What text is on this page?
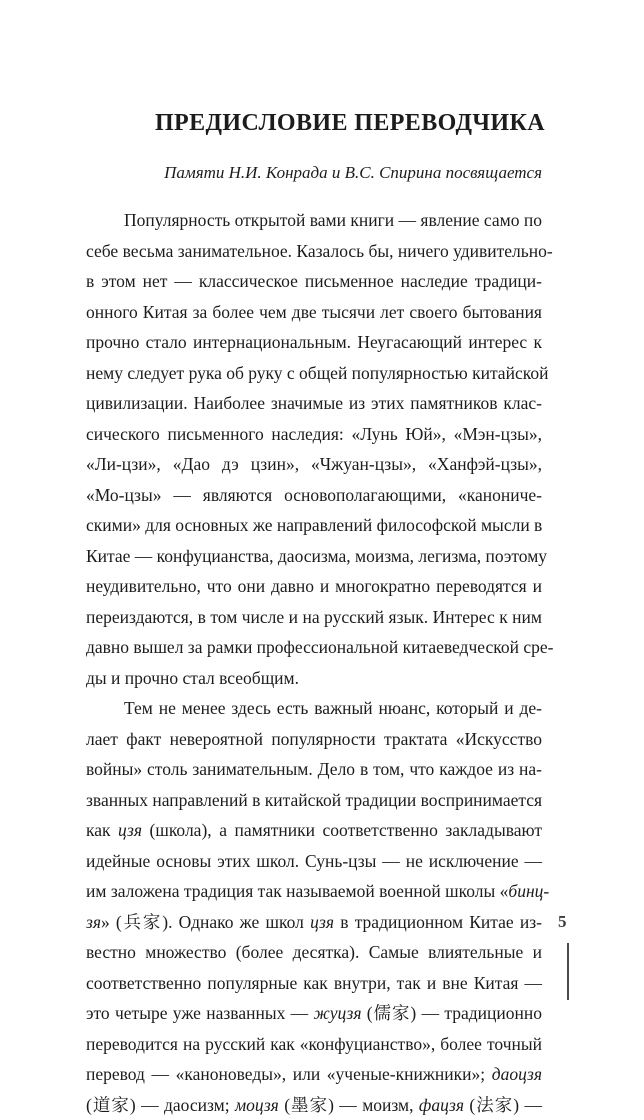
ПРЕДИСЛОВИЕ ПЕРЕВОДЧИКА

Памяти Н.И. Конрада и В.С. Спирина посвящается

Популярность открытой вами книги — явление само по
себе весьма занимательное. Казалось бы, ничего удивительно-
в этом нет — классическое письменное наследие традици-
онного Китая за более чем две тысячи лет своего бытования
прочно стало интернациональным. Неугасающий интерес к
нему следует рука об руку с общей популярностью китайской
цивилизации. Наиболее значимые из этих памятников клас-
сического письменного наследия: «Лунь Юй», «Мэн-цзы»,
«Ли-цзи», «Дао дэ цзин», «Чжуан-цзы», «Ханфэй-цзы»,
«Мо-цзы» — являются основополагающими, «канониче-
скими» для основных же направлений философской мысли в
Китае — конфуцианства, даосизма, моизма, легизма, поэтому
неудивительно, что они давно и многократно переводятся и
переиздаются, в том числе и на русский язык. Интерес к ним
давно вышел за рамки профессиональной китаеведческой сре-
ды и прочно стал всеобщим.
Тем не менее здесь есть важный нюанс, который и де-
лает факт невероятной популярности трактата «Искусство
войны» столь занимательным. Дело в том, что каждое из на-
званных направлений в китайской традиции воспринимается
как цзя (школа), а памятники соответственно закладывают
идейные основы этих школ. Сунь-цзы — не исключение —
им заложена традиция так называемой военной школы «бинц-
зя» (兵家). Однако же школ цзя в традиционном Китае из-
вестно множество (более десятка). Самые влиятельные и
соответственно популярные как внутри, так и вне Китая —
это четыре уже названных — жуцзя (儒家) — традиционно
переводится на русский как «конфуцианство», более точный
перевод — «каноноведы», или «ученые-книжники»; даоцзя
(道家) — даосизм; моцзя (墨家) — моизм, фацзя (法家) —

5
